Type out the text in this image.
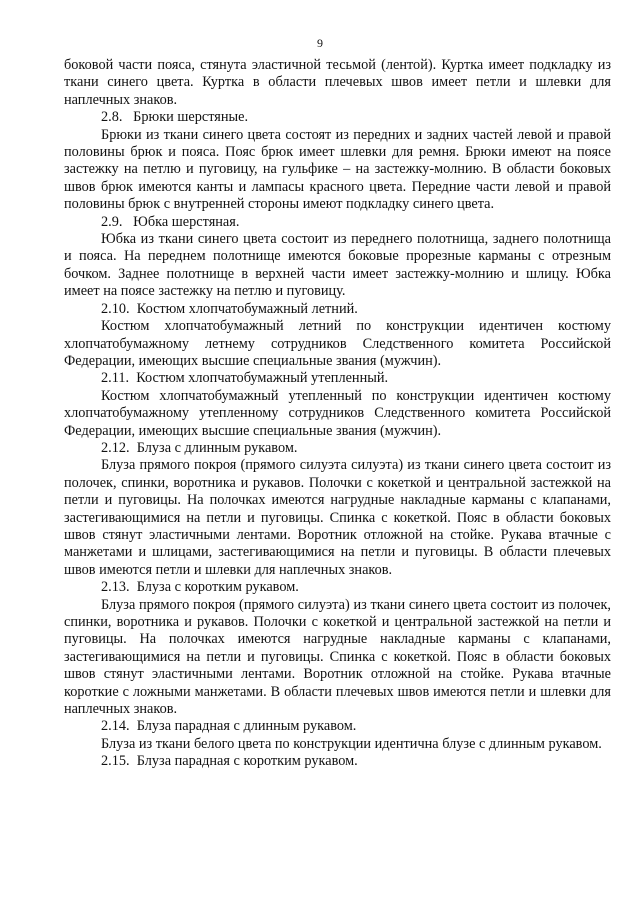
9

боковой части пояса, стянута эластичной тесьмой (лентой). Куртка имеет подкладку из ткани синего цвета. Куртка в области плечевых швов имеет петли и шлевки для наплечных знаков.

2.8.   Брюки шерстяные.

Брюки из ткани синего цвета состоят из передних и задних частей левой и правой половины брюк и пояса. Пояс брюк имеет шлевки для ремня. Брюки имеют на поясе застежку на петлю и пуговицу, на гульфике – на застежку-молнию. В области боковых швов брюк имеются канты и лампасы красного цвета. Передние части левой и правой половины брюк с внутренней стороны имеют подкладку синего цвета.

2.9.   Юбка шерстяная.

Юбка из ткани синего цвета состоит из переднего полотнища, заднего полотнища и пояса. На переднем полотнище имеются боковые прорезные карманы с отрезным бочком. Заднее полотнище в верхней части имеет застежку-молнию и шлицу. Юбка имеет на поясе застежку на петлю и пуговицу.

2.10.  Костюм хлопчатобумажный летний.

Костюм хлопчатобумажный летний по конструкции идентичен костюму хлопчатобумажному летнему сотрудников Следственного комитета Российской Федерации, имеющих высшие специальные звания (мужчин).

2.11.  Костюм хлопчатобумажный утепленный.

Костюм хлопчатобумажный утепленный по конструкции идентичен костюму хлопчатобумажному утепленному сотрудников Следственного комитета Российской Федерации, имеющих высшие специальные звания (мужчин).

2.12.  Блуза с длинным рукавом.

Блуза прямого покроя (прямого силуэта силуэта) из ткани синего цвета состоит из полочек, спинки, воротника и рукавов. Полочки с кокеткой и центральной застежкой на петли и пуговицы. На полочках имеются нагрудные накладные карманы с клапанами, застегивающимися на петли и пуговицы. Спинка с кокеткой. Пояс в области боковых швов стянут эластичными лентами. Воротник отложной на стойке. Рукава втачные с манжетами и шлицами, застегивающимися на петли и пуговицы. В области плечевых швов имеются петли и шлевки для наплечных знаков.

2.13.  Блуза с коротким рукавом.

Блуза прямого покроя (прямого силуэта) из ткани синего цвета состоит из полочек, спинки, воротника и рукавов. Полочки с кокеткой и центральной застежкой на петли и пуговицы. На полочках имеются нагрудные накладные карманы с клапанами, застегивающимися на петли и пуговицы. Спинка с кокеткой. Пояс в области боковых швов стянут эластичными лентами. Воротник отложной на стойке. Рукава втачные короткие с ложными манжетами. В области плечевых швов имеются петли и шлевки для наплечных знаков.

2.14.  Блуза парадная с длинным рукавом.

Блуза из ткани белого цвета по конструкции идентична блузе с длинным рукавом.

2.15.  Блуза парадная с коротким рукавом.
